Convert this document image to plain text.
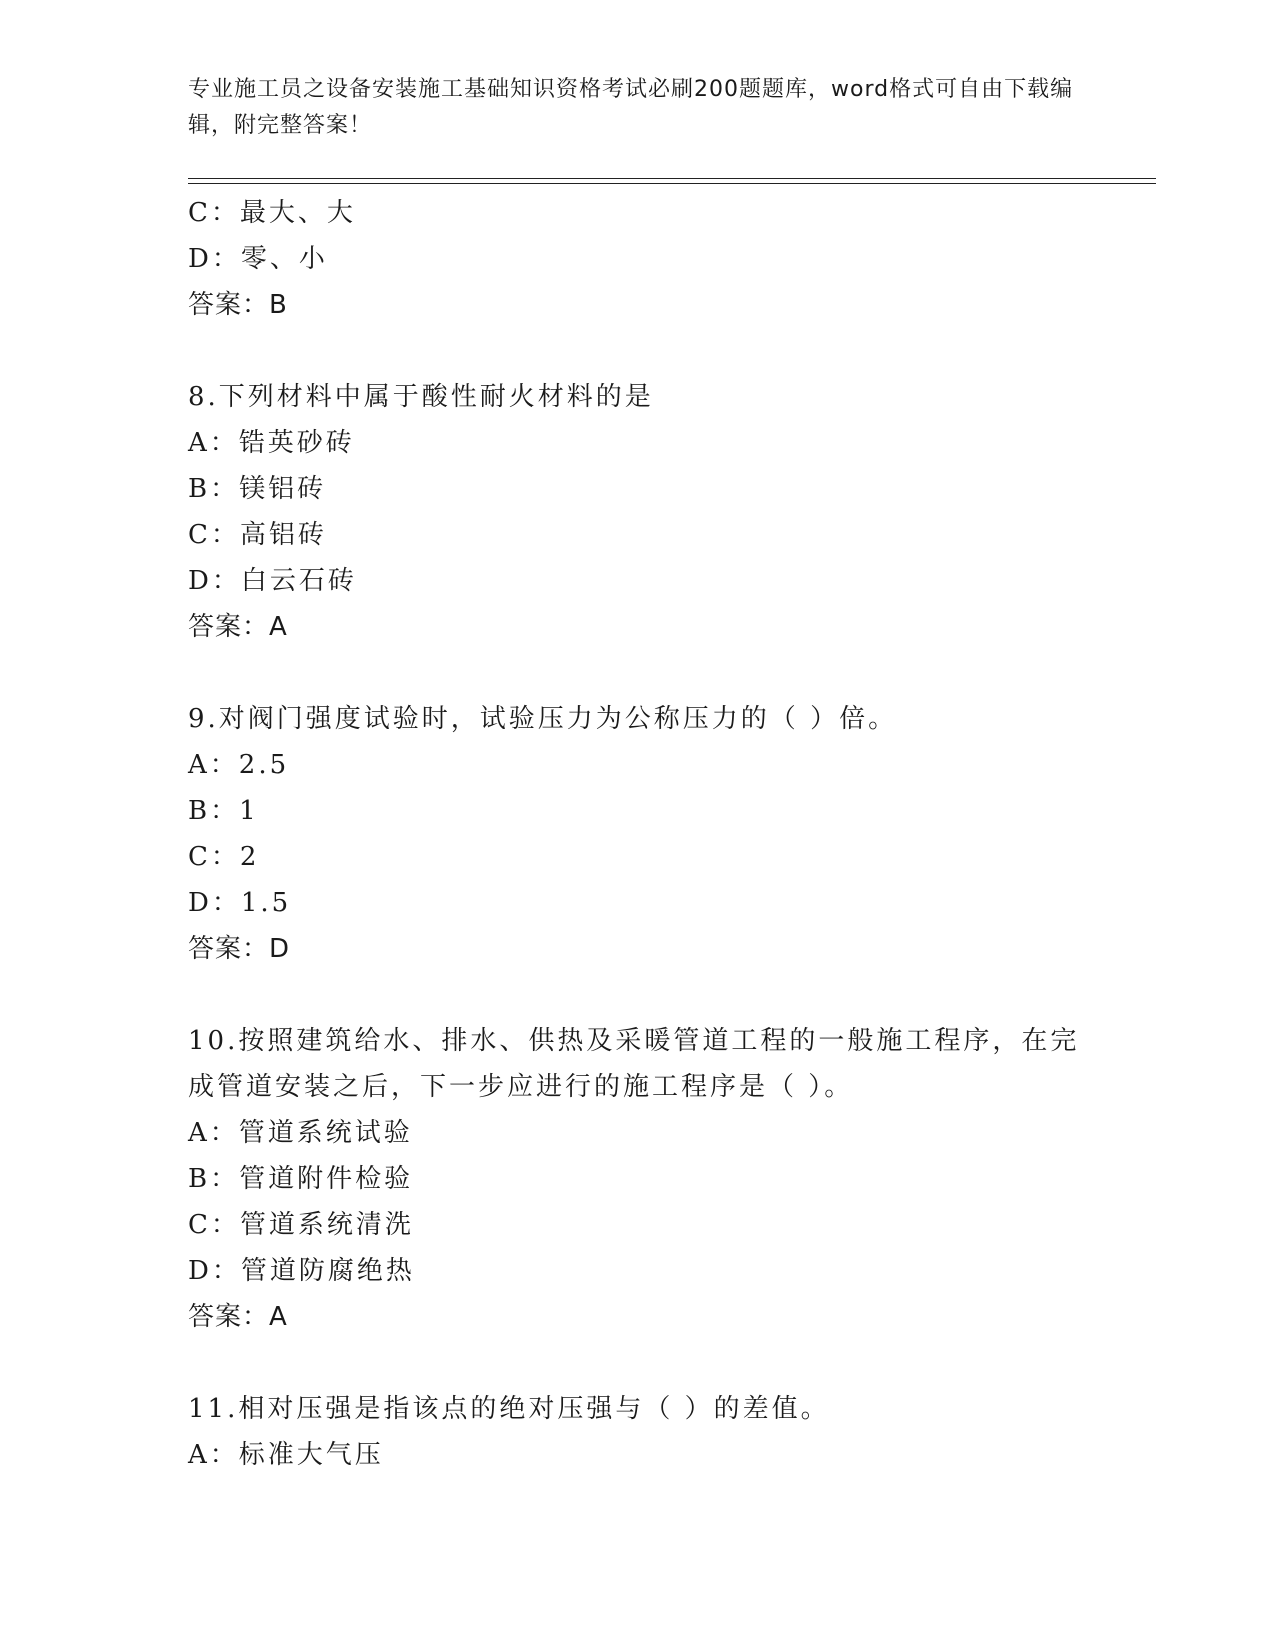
专业施工员之设备安装施工基础知识资格考试必刷200题题库，word格式可自由下载编辑，附完整答案！
C：最大、大
D：零、小
答案：B
8.下列材料中属于酸性耐火材料的是
A：锆英砂砖
B：镁铝砖
C：高铝砖
D：白云石砖
答案：A
9.对阀门强度试验时，试验压力为公称压力的（ ）倍。
A：2.5
B：1
C：2
D：1.5
答案：D
10.按照建筑给水、排水、供热及采暖管道工程的一般施工程序，在完成管道安装之后，下一步应进行的施工程序是（ ）。
A：管道系统试验
B：管道附件检验
C：管道系统清洗
D：管道防腐绝热
答案：A
11.相对压强是指该点的绝对压强与（ ）的差值。
A：标准大气压
